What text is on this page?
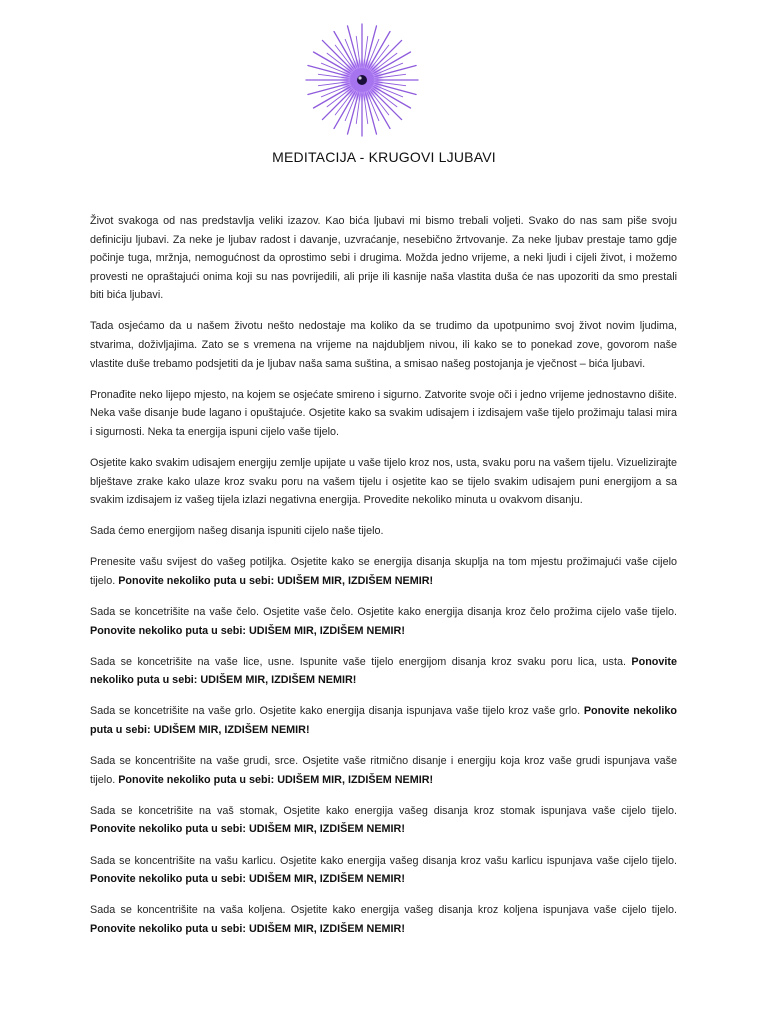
MEDITACIJA - KRUGOVI LJUBAVI

Život svakoga od nas predstavlja veliki izazov. Kao bića ljubavi mi bismo trebali voljeti. Svako do nas sam piše svoju definiciju ljubavi. Za neke je ljubav radost i davanje, uzvraćanje, nesebično žrtvovanje. Za neke ljubav prestaje tamo gdje počinje tuga, mržnja, nemogućnost da oprostimo sebi i drugima. Možda jedno vrijeme, a neki ljudi i cijeli život, i možemo provesti ne opraštajući onima koji su nas povrijedili, ali prije ili kasnije naša vlastita duša će nas upozoriti da smo prestali biti bića ljubavi.

Tada osjećamo da u našem životu nešto nedostaje ma koliko da se trudimo da upotpunimo svoj život novim ljudima, stvarima, doživljajima. Zato se s vremena na vrijeme na najdubljem nivou, ili kako se to ponekad zove, govorom naše vlastite duše trebamo podsjetiti da je ljubav naša sama suština, a smisao našeg postojanja je vječnost – bića ljubavi.

Pronađite neko lijepo mjesto, na kojem se osjećate smireno i sigurno. Zatvorite svoje oči i jedno vrijeme jednostavno dišite. Neka vaše disanje bude lagano i opuštajuće. Osjetite kako sa svakim udisajem i izdisajem vaše tijelo prožimaju talasi mira i sigurnosti. Neka ta energija ispuni cijelo vaše tijelo.

Osjetite kako svakim udisajem energiju zemlje upijate u vaše tijelo kroz nos, usta, svaku poru na vašem tijelu. Vizuelizirajte blještave zrake kako ulaze kroz svaku poru na vašem tijelu i osjetite kao se tijelo svakim udisajem puni energijom a sa svakim izdisajem iz vašeg tijela izlazi negativna energija. Provedite nekoliko minuta u ovakvom disanju.

Sada ćemo energijom našeg disanja ispuniti cijelo naše tijelo.

Prenesite vašu svijest do vašeg potiljka. Osjetite kako se energija disanja skuplja na tom mjestu prožimajući vaše cijelo tijelo. Ponovite nekoliko puta u sebi: UDIŠEM MIR, IZDIŠEM NEMIR!

Sada se koncetrišite na vaše čelo. Osjetite vaše čelo. Osjetite kako energija disanja kroz čelo prožima cijelo vaše tijelo. Ponovite nekoliko puta u sebi: UDIŠEM MIR, IZDIŠEM NEMIR!

Sada se koncetrišite na vaše lice, usne. Ispunite vaše tijelo energijom disanja kroz svaku poru lica, usta. Ponovite nekoliko puta u sebi: UDIŠEM MIR, IZDIŠEM NEMIR!

Sada se koncetrišite na vaše grlo. Osjetite kako energija disanja ispunjava vaše tijelo kroz vaše grlo. Ponovite nekoliko puta u sebi: UDIŠEM MIR, IZDIŠEM NEMIR!

Sada se koncentrišite na vaše grudi, srce. Osjetite vaše ritmično disanje i energiju koja kroz vaše grudi ispunjava vaše tijelo. Ponovite nekoliko puta u sebi: UDIŠEM MIR, IZDIŠEM NEMIR!

Sada se koncetrišite na vaš stomak, Osjetite kako energija vašeg disanja kroz stomak ispunjava vaše cijelo tijelo. Ponovite nekoliko puta u sebi: UDIŠEM MIR, IZDIŠEM NEMIR!

Sada se koncentrišite na vašu karlicu. Osjetite kako energija vašeg disanja kroz vašu karlicu ispunjava vaše cijelo tijelo. Ponovite nekoliko puta u sebi: UDIŠEM MIR, IZDIŠEM NEMIR!

Sada se koncentrišite na vaša koljena. Osjetite kako energija vašeg disanja kroz koljena ispunjava vaše cijelo tijelo. Ponovite nekoliko puta u sebi: UDIŠEM MIR, IZDIŠEM NEMIR!
